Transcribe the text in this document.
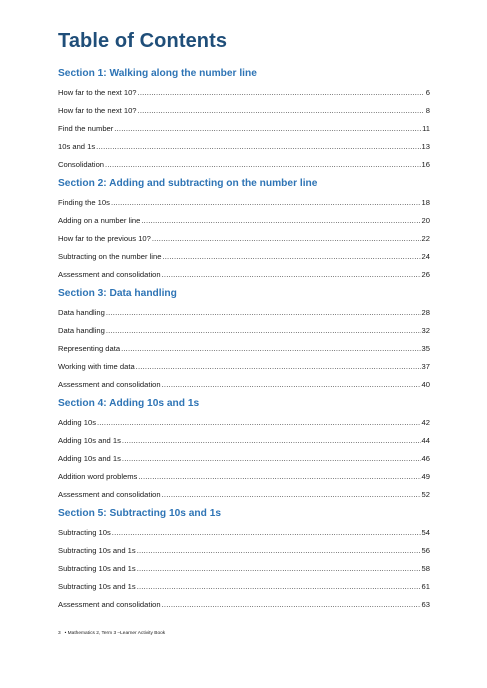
Table of Contents
Section 1: Walking along the number line
How far to the next 10? .....	6
How far to the next 10? .....	8
Find the number .....	11
10s and 1s .....	13
Consolidation .....	16
Section 2: Adding and subtracting on the number line
Finding the 10s .....	18
Adding on a number line .....	20
How far to the previous 10? .....	22
Subtracting on the number line .....	24
Assessment and consolidation .....	26
Section 3: Data handling
Data handling .....	28
Data handling .....	32
Representing data .....	35
Working with time data .....	37
Assessment and consolidation .....	40
Section 4: Adding 10s and 1s
Adding 10s .....	42
Adding 10s and 1s .....	44
Adding 10s and 1s .....	46
Addition word problems .....	49
Assessment and consolidation .....	52
Section 5: Subtracting 10s and 1s
Subtracting 10s .....	54
Subtracting 10s and 1s .....	56
Subtracting 10s and 1s .....	58
Subtracting 10s and 1s .....	61
Assessment and consolidation .....	63
3 • Mathematics 2, Term 3 –Learner Activity Book
